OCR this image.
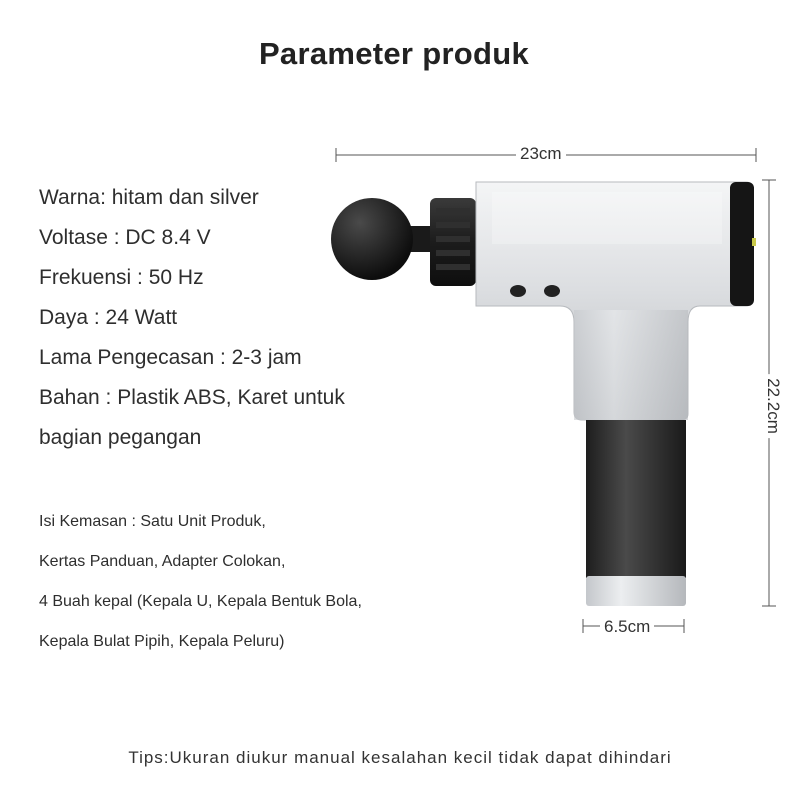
Parameter produk
Warna: hitam dan silver
Voltase : DC 8.4 V
Frekuensi : 50 Hz
Daya : 24 Watt
Lama Pengecasan : 2-3 jam
Bahan : Plastik ABS, Karet untuk
bagian pegangan
Isi Kemasan : Satu Unit Produk,
Kertas Panduan, Adapter Colokan,
4 Buah kepal (Kepala U, Kepala Bentuk Bola,
Kepala Bulat Pipih, Kepala Peluru)
23cm
22.2cm
6.5cm
Tips:Ukuran diukur manual kesalahan kecil tidak dapat dihindari
